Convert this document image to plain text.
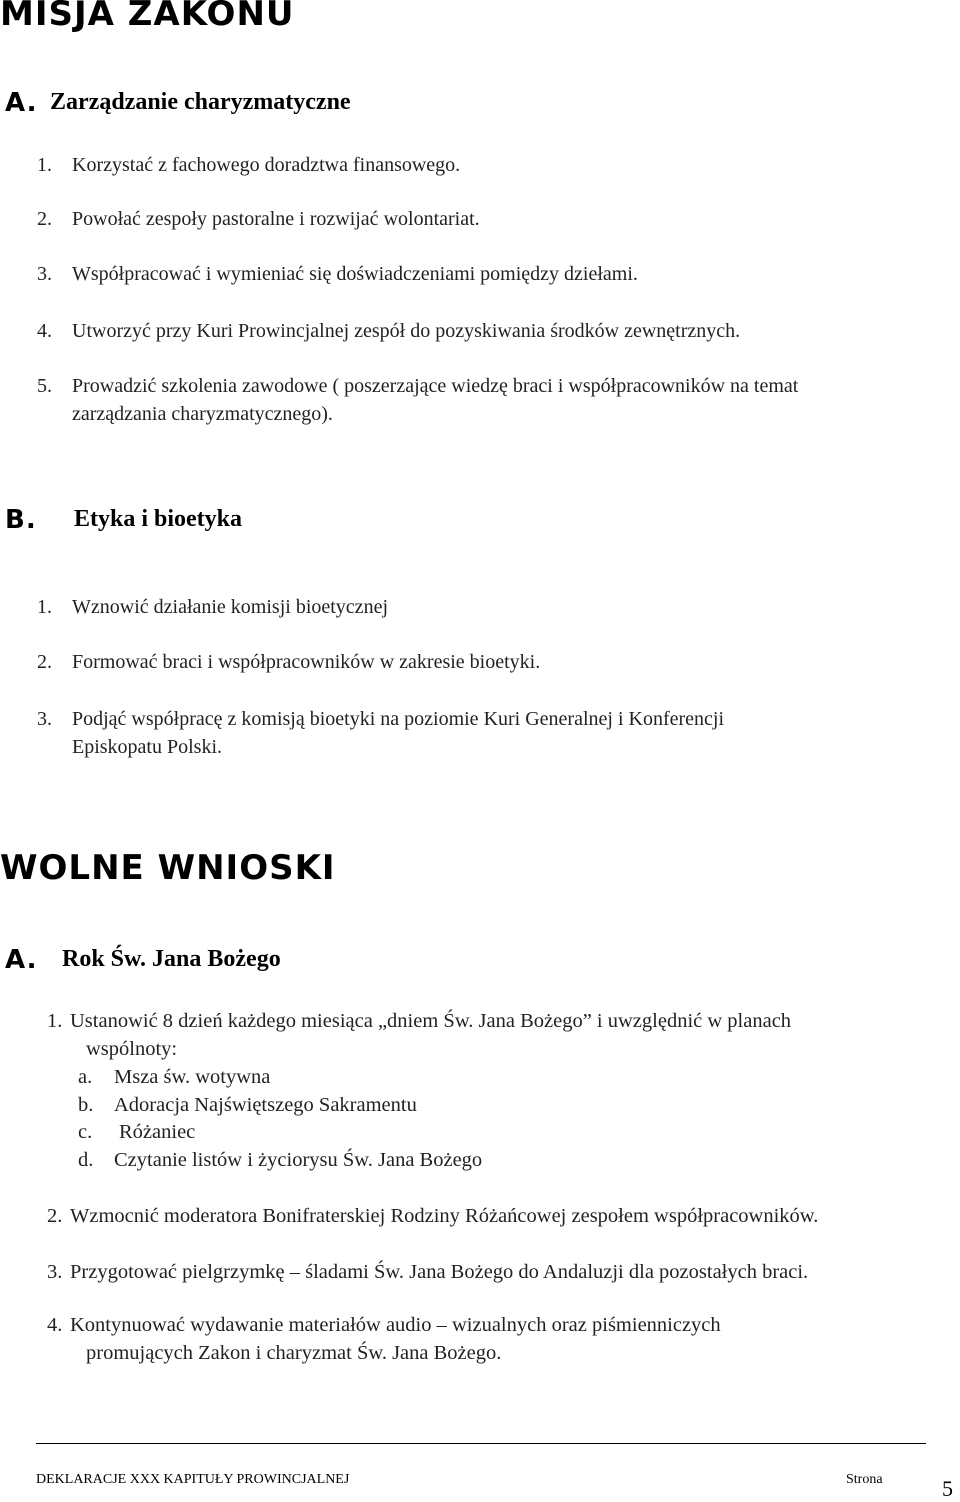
MISJA ZAKONU
A. Zarządzanie charyzmatyczne
1. Korzystać z fachowego doradztwa finansowego.
2. Powołać zespoły pastoralne i rozwijać wolontariat.
3. Współpracować i wymieniać się doświadczeniami pomiędzy dziełami.
4. Utworzyć przy Kuri Prowincjalnej zespół do pozyskiwania środków zewnętrznych.
5. Prowadzić szkolenia zawodowe ( poszerzające wiedzę braci i współpracowników na temat
zarządzania charyzmatycznego).
B. Etyka i bioetyka
1. Wznowić działanie komisji bioetycznej
2. Formować braci i współpracowników w zakresie bioetyki.
3. Podjąć współpracę z komisją bioetyki na poziomie Kuri Generalnej i Konferencji
Episkopatu Polski.
WOLNE WNIOSKI
A. Rok Św. Jana Bożego
1. Ustanowić 8 dzień każdego miesiąca „dniem Św. Jana Bożego” i uwzględnić w planach
wspólnoty:
a. Msza św. wotywna
b. Adoracja Najświętszego Sakramentu
c. Różaniec
d. Czytanie listów i życiorysu Św. Jana Bożego
2. Wzmocnić moderatora Bonifraterskiej Rodziny Różańcowej zespołem współpracowników.
3. Przygotować pielgrzymkę – śladami Św. Jana Bożego do Andaluzji dla pozostałych braci.
4. Kontynuować wydawanie materiałów audio – wizualnych oraz piśmienniczych
promujących Zakon i charyzmat Św. Jana Bożego.
DEKLARACJE XXX KAPITUŁY PROWINCJALNEJ	Strona	5
